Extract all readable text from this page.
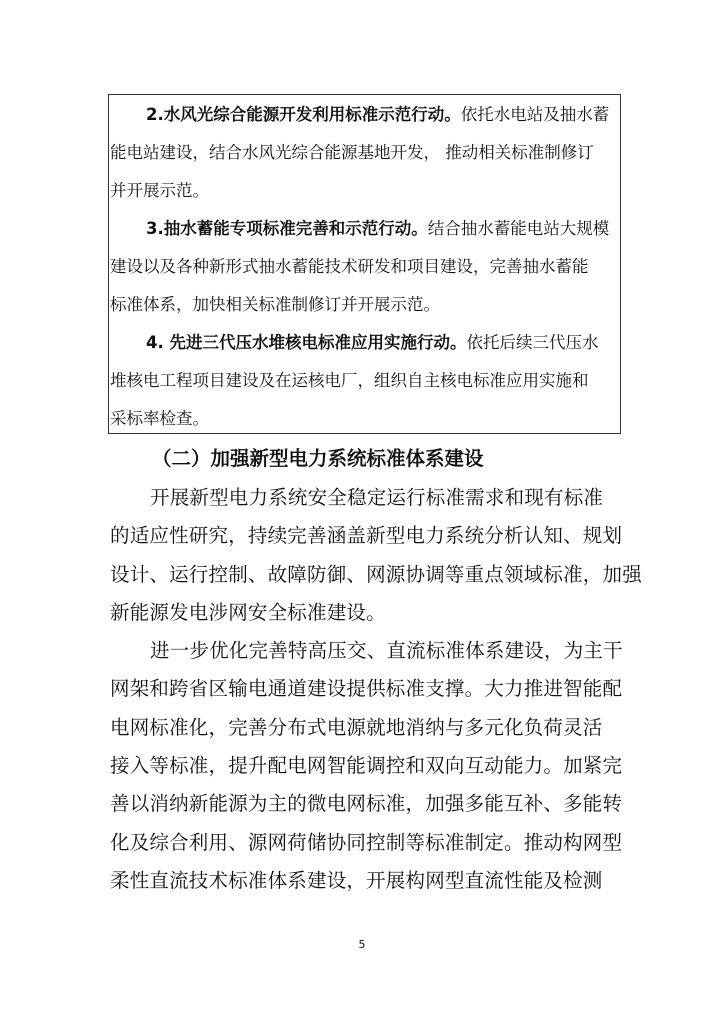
2.水风光综合能源开发利用标准示范行动。依托水电站及抽水蓄
能电站建设，结合水风光综合能源基地开发， 推动相关标准制修订
并开展示范。
3.抽水蓄能专项标准完善和示范行动。结合抽水蓄能电站大规模
建设以及各种新形式抽水蓄能技术研发和项目建设，完善抽水蓄能
标准体系，加快相关标准制修订并开展示范。
4. 先进三代压水堆核电标准应用实施行动。依托后续三代压水
堆核电工程项目建设及在运核电厂，组织自主核电标准应用实施和
采标率检查。
（二）加强新型电力系统标准体系建设
开展新型电力系统安全稳定运行标准需求和现有标准
的适应性研究，持续完善涵盖新型电力系统分析认知、规划
设计、运行控制、故障防御、网源协调等重点领域标准，加强
新能源发电涉网安全标准建设。
进一步优化完善特高压交、直流标准体系建设，为主干
网架和跨省区输电通道建设提供标准支撑。大力推进智能配
电网标准化，完善分布式电源就地消纳与多元化负荷灵活
接入等标准，提升配电网智能调控和双向互动能力。加紧完
善以消纳新能源为主的微电网标准，加强多能互补、多能转
化及综合利用、源网荷储协同控制等标准制定。推动构网型
柔性直流技术标准体系建设，开展构网型直流性能及检测
5
